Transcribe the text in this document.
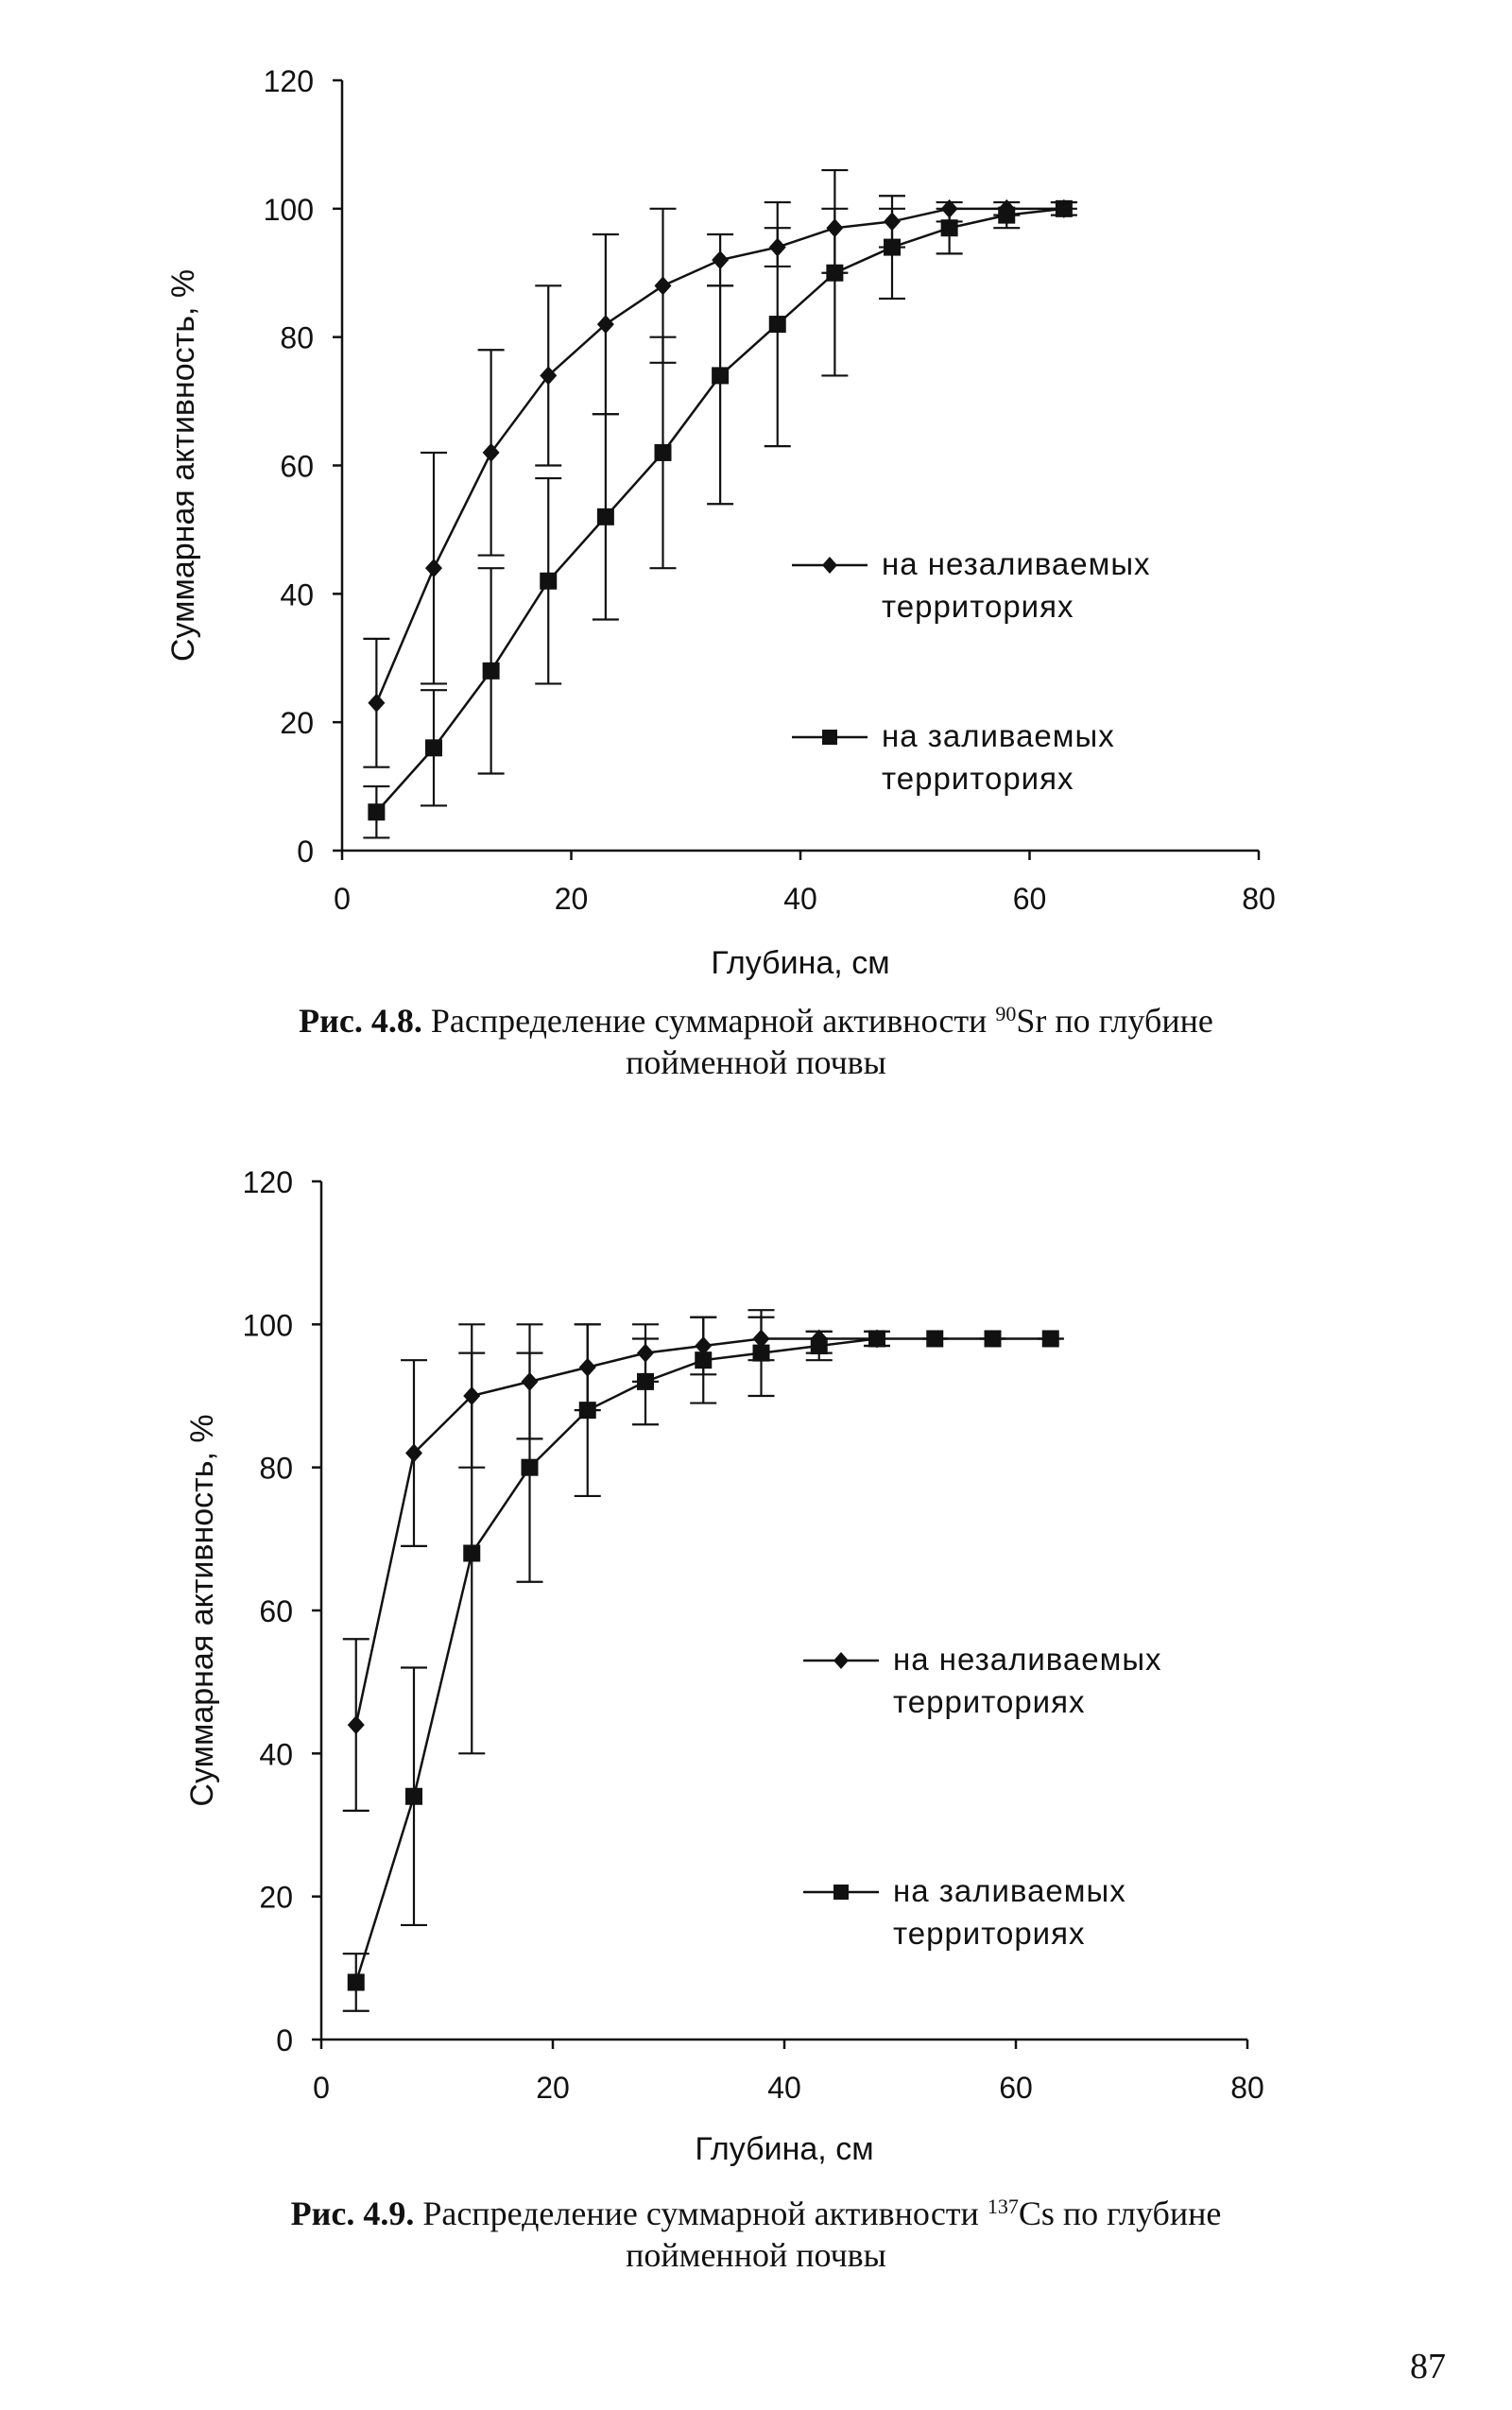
0	20	40	60	80
0
20
40
60
80
100
120
Глубина, см
Суммарная активность, %	на незаливаемых
территориях
на заливаемых
территориях
Рис. 4.8. Распределение суммарной активности $^{90}$Sr по глубине
пойменной почвы
0	20	40	60	80
0
20
40
60
80
100
120
Глубина, см
Суммарная активность, %	на незаливаемых
территориях
на заливаемых
территориях
Рис. 4.9. Распределение суммарной активности $^{137}$Cs по глубине
пойменной почвы
87
